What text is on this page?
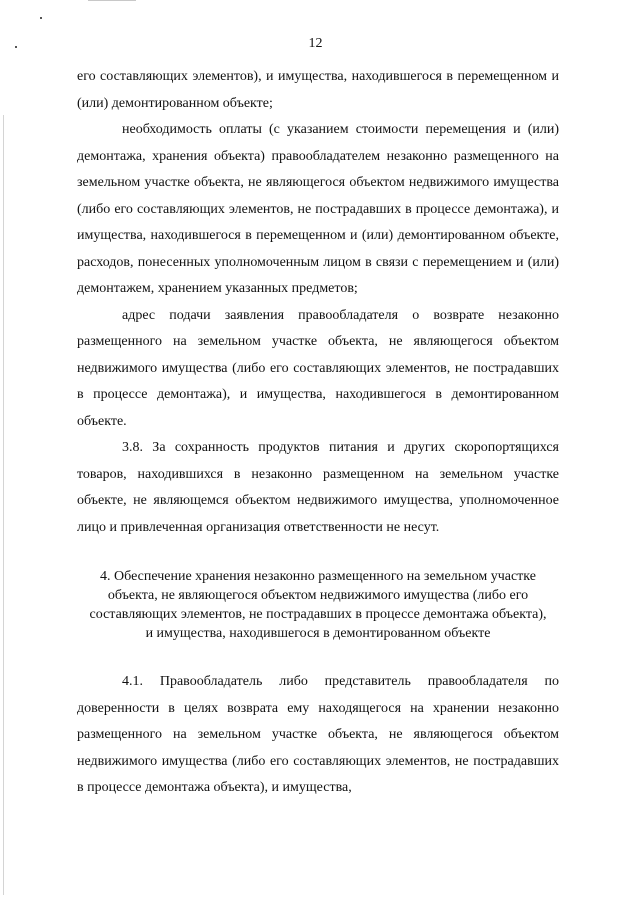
12

его составляющих элементов), и имущества, находившегося в перемещенном и (или) демонтированном объекте;

необходимость оплаты (с указанием стоимости перемещения и (или) демонтажа, хранения объекта) правообладателем незаконно размещенного на земельном участке объекта, не являющегося объектом недвижимого имущества (либо его составляющих элементов, не пострадавших в процессе демонтажа), и имущества, находившегося в перемещенном и (или) демонтированном объекте, расходов, понесенных уполномоченным лицом в связи с перемещением и (или) демонтажем, хранением указанных предметов;

адрес подачи заявления правообладателя о возврате незаконно размещенного на земельном участке объекта, не являющегося объектом недвижимого имущества (либо его составляющих элементов, не пострадавших в процессе демонтажа), и имущества, находившегося в демонтированном объекте.

3.8. За сохранность продуктов питания и других скоропортящихся товаров, находившихся в незаконно размещенном на земельном участке объекте, не являющемся объектом недвижимого имущества, уполномоченное лицо и привлеченная организация ответственности не несут.

4. Обеспечение хранения незаконно размещенного на земельном участке объекта, не являющегося объектом недвижимого имущества (либо его составляющих элементов, не пострадавших в процессе демонтажа объекта), и имущества, находившегося в демонтированном объекте

4.1. Правообладатель либо представитель правообладателя по доверенности в целях возврата ему находящегося на хранении незаконно размещенного на земельном участке объекта, не являющегося объектом недвижимого имущества (либо его составляющих элементов, не пострадавших в процессе демонтажа объекта), и имущества,
